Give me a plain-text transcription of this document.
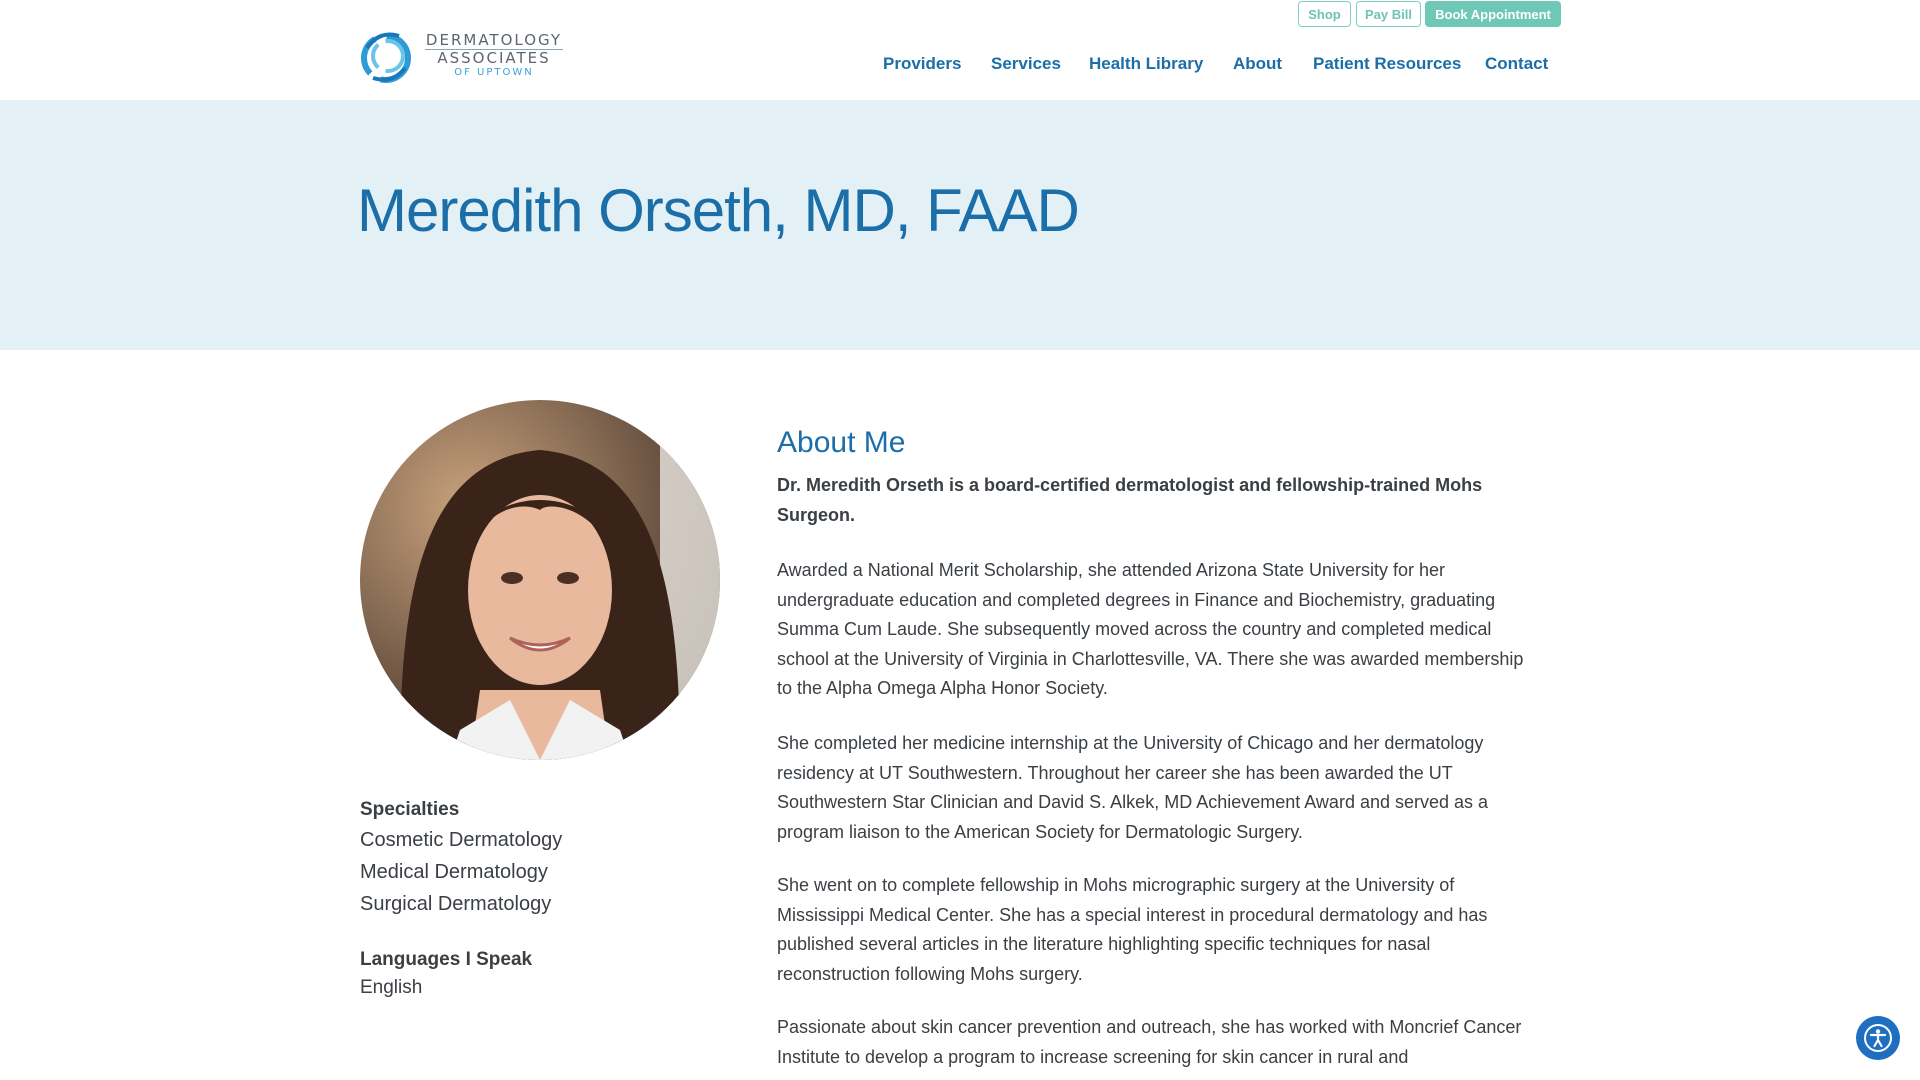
DERMATOLOGY
ASSOCIATES
OF UPTOWN
Shop	Pay Bill	Book Appointment
Providers Services Health Library About Patient Resources Contact
Meredith Orseth, MD, FAAD
Specialties
Cosmetic Dermatology
Medical Dermatology
Surgical Dermatology
Languages I Speak
English
About Me

Dr. Meredith Orseth is a board-certified dermatologist and fellowship-trained Mohs Surgeon.

Awarded a National Merit Scholarship, she attended Arizona State University for her undergraduate education and completed degrees in Finance and Biochemistry, graduating Summa Cum Laude. She subsequently moved across the country and completed medical school at the University of Virginia in Charlottesville, VA. There she was awarded membership to the Alpha Omega Alpha Honor Society.

She completed her medicine internship at the University of Chicago and her dermatology residency at UT Southwestern. Throughout her career she has been awarded the UT Southwestern Star Clinician and David S. Alkek, MD Achievement Award and served as a program liaison to the American Society for Dermatologic Surgery.

She went on to complete fellowship in Mohs micrographic surgery at the University of Mississippi Medical Center. She has a special interest in procedural dermatology and has published several articles in the literature highlighting specific techniques for nasal reconstruction following Mohs surgery.

Passionate about skin cancer prevention and outreach, she has worked with Moncrief Cancer Institute to develop a program to increase screening for skin cancer in rural and
